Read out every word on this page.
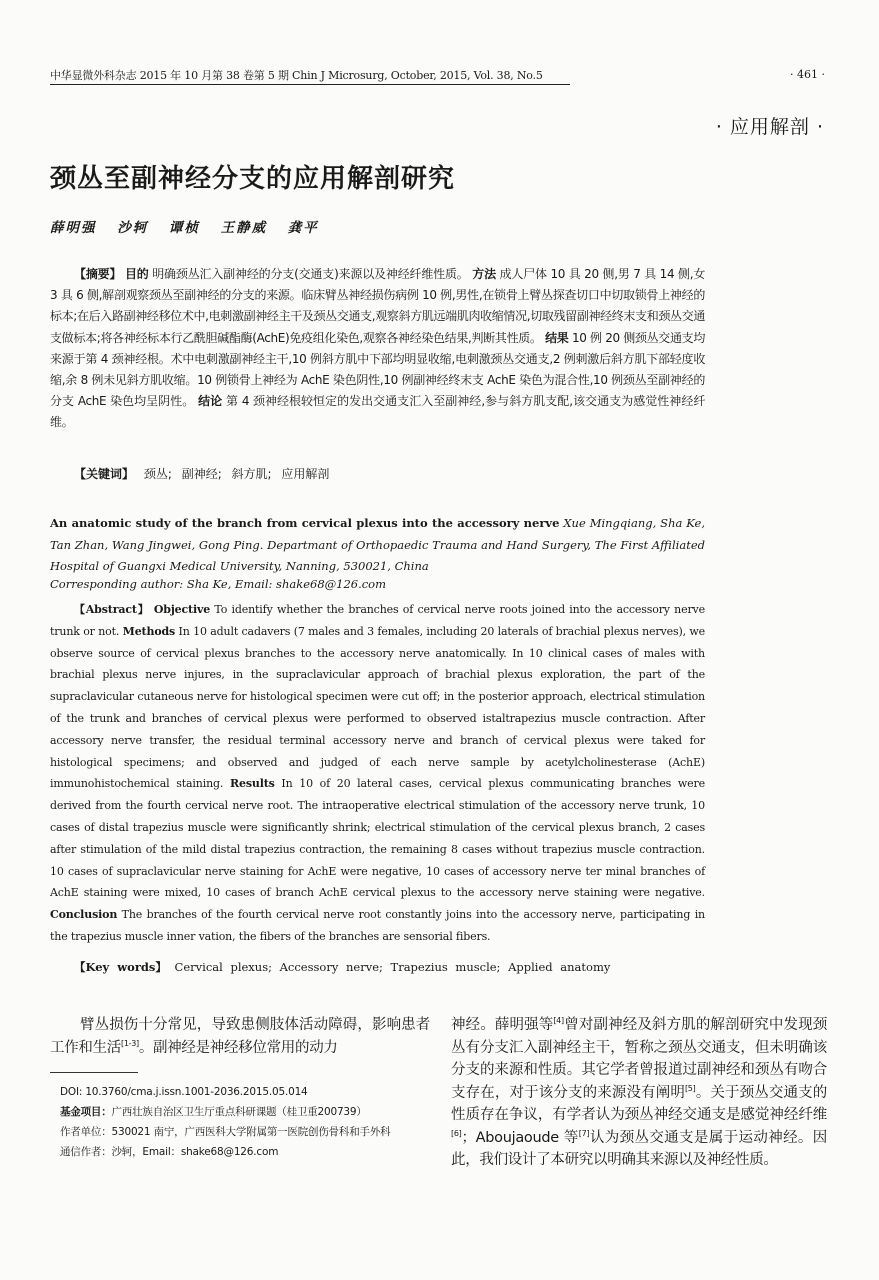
中华显微外科杂志 2015 年 10 月第 38 卷第 5 期 Chin J Microsurg, October, 2015, Vol. 38, No.5	· 461 ·
· 应用解剖 ·
颈丛至副神经分支的应用解剖研究
薛明强 沙轲 谭桢 王静威 龚平
【摘要】 目的 明确颈丛汇入副神经的分支(交通支)来源以及神经纤维性质。 方法 成人尸体 10 具 20 侧,男 7 具 14 侧,女 3 具 6 侧,解剖观察颈丛至副神经的分支的来源。临床臂丛神经损伤病例 10 例,男性,在锁骨上臂丛探查切口中切取锁骨上神经的标本;在后入路副神经移位术中,电刺激副神经主干及颈丛交通支,观察斜方肌远端肌肉收缩情况,切取残留副神经终末支和颈丛交通支做标本;将各神经标本行乙酰胆碱酯酶(AchE)免疫组化染色,观察各神经染色结果,判断其性质。 结果 10 例 20 侧颈丛交通支均来源于第 4 颈神经根。术中电刺激副神经主干,10 例斜方肌中下部均明显收缩,电刺激颈丛交通支,2 例刺激后斜方肌下部轻度收缩,余 8 例未见斜方肌收缩。10 例锁骨上神经为 AchE 染色阴性,10 例副神经终末支 AchE 染色为混合性,10 例颈丛至副神经的分支 AchE 染色均呈阴性。 结论 第 4 颈神经根较恒定的发出交通支汇入至副神经,参与斜方肌支配,该交通支为感觉性神经纤维。
【关键词】 颈丛; 副神经; 斜方肌; 应用解剖
An anatomic study of the branch from cervical plexus into the accessory nerve Xue Mingqiang, Sha Ke, Tan Zhan, Wang Jingwei, Gong Ping. Departmant of Orthopaedic Trauma and Hand Surgery, The First Affiliated Hospital of Guangxi Medical University, Nanning, 530021, China
Corresponding author: Sha Ke, Email: shake68@126.com
【Abstract】 Objective To identify whether the branches of cervical nerve roots joined into the accessory nerve trunk or not. Methods In 10 adult cadavers (7 males and 3 females, including 20 laterals of brachial plexus nerves), we observe source of cervical plexus branches to the accessory nerve anatomically. In 10 clinical cases of males with brachial plexus nerve injures, in the supraclavicular approach of brachial plexus exploration, the part of the supraclavicular cutaneous nerve for histological specimen were cut off; in the posterior approach, electrical stimulation of the trunk and branches of cervical plexus were performed to observed istaltrapezius muscle contraction. After accessory nerve transfer, the residual terminal accessory nerve and branch of cervical plexus were taked for histological specimens; and observed and judged of each nerve sample by acetylcholinesterase (AchE) immunohistochemical staining. Results In 10 of 20 lateral cases, cervical plexus communicating branches were derived from the fourth cervical nerve root. The intraoperative electrical stimulation of the accessory nerve trunk, 10 cases of distal trapezius muscle were significantly shrink; electrical stimulation of the cervical plexus branch, 2 cases after stimulation of the mild distal trapezius contraction, the remaining 8 cases without trapezius muscle contraction. 10 cases of supraclavicular nerve staining for AchE were negative, 10 cases of accessory nerve ter minal branches of AchE staining were mixed, 10 cases of branch AchE cervical plexus to the accessory nerve staining were negative. Conclusion The branches of the fourth cervical nerve root constantly joins into the accessory nerve, participating in the trapezius muscle inner vation, the fibers of the branches are sensorial fibers.
【Key words】 Cervical plexus; Accessory nerve; Trapezius muscle; Applied anatomy
臂丛损伤十分常见，导致患侧肢体活动障碍，影响患者工作和生活[1-3]。副神经是神经移位常用的动力
DOI: 10.3760/cma.j.issn.1001-2036.2015.05.014
基金项目：广西壮族自治区卫生厅重点科研课题（桂卫重200739）
作者单位：530021 南宁，广西医科大学附属第一医院创伤骨科和手外科
通信作者：沙轲，Email：shake68@126.com
神经。薛明强等[4]曾对副神经及斜方肌的解剖研究中发现颈丛有分支汇入副神经主干，暂称之颈丛交通支，但未明确该分支的来源和性质。其它学者曾报道过副神经和颈丛有吻合支存在，对于该分支的来源没有阐明[5]。关于颈丛交通支的性质存在争议，有学者认为颈丛神经交通支是感觉神经纤维[6]；Aboujaoude 等[7]认为颈丛交通支是属于运动神经。因此，我们设计了本研究以明确其来源以及神经性质。
